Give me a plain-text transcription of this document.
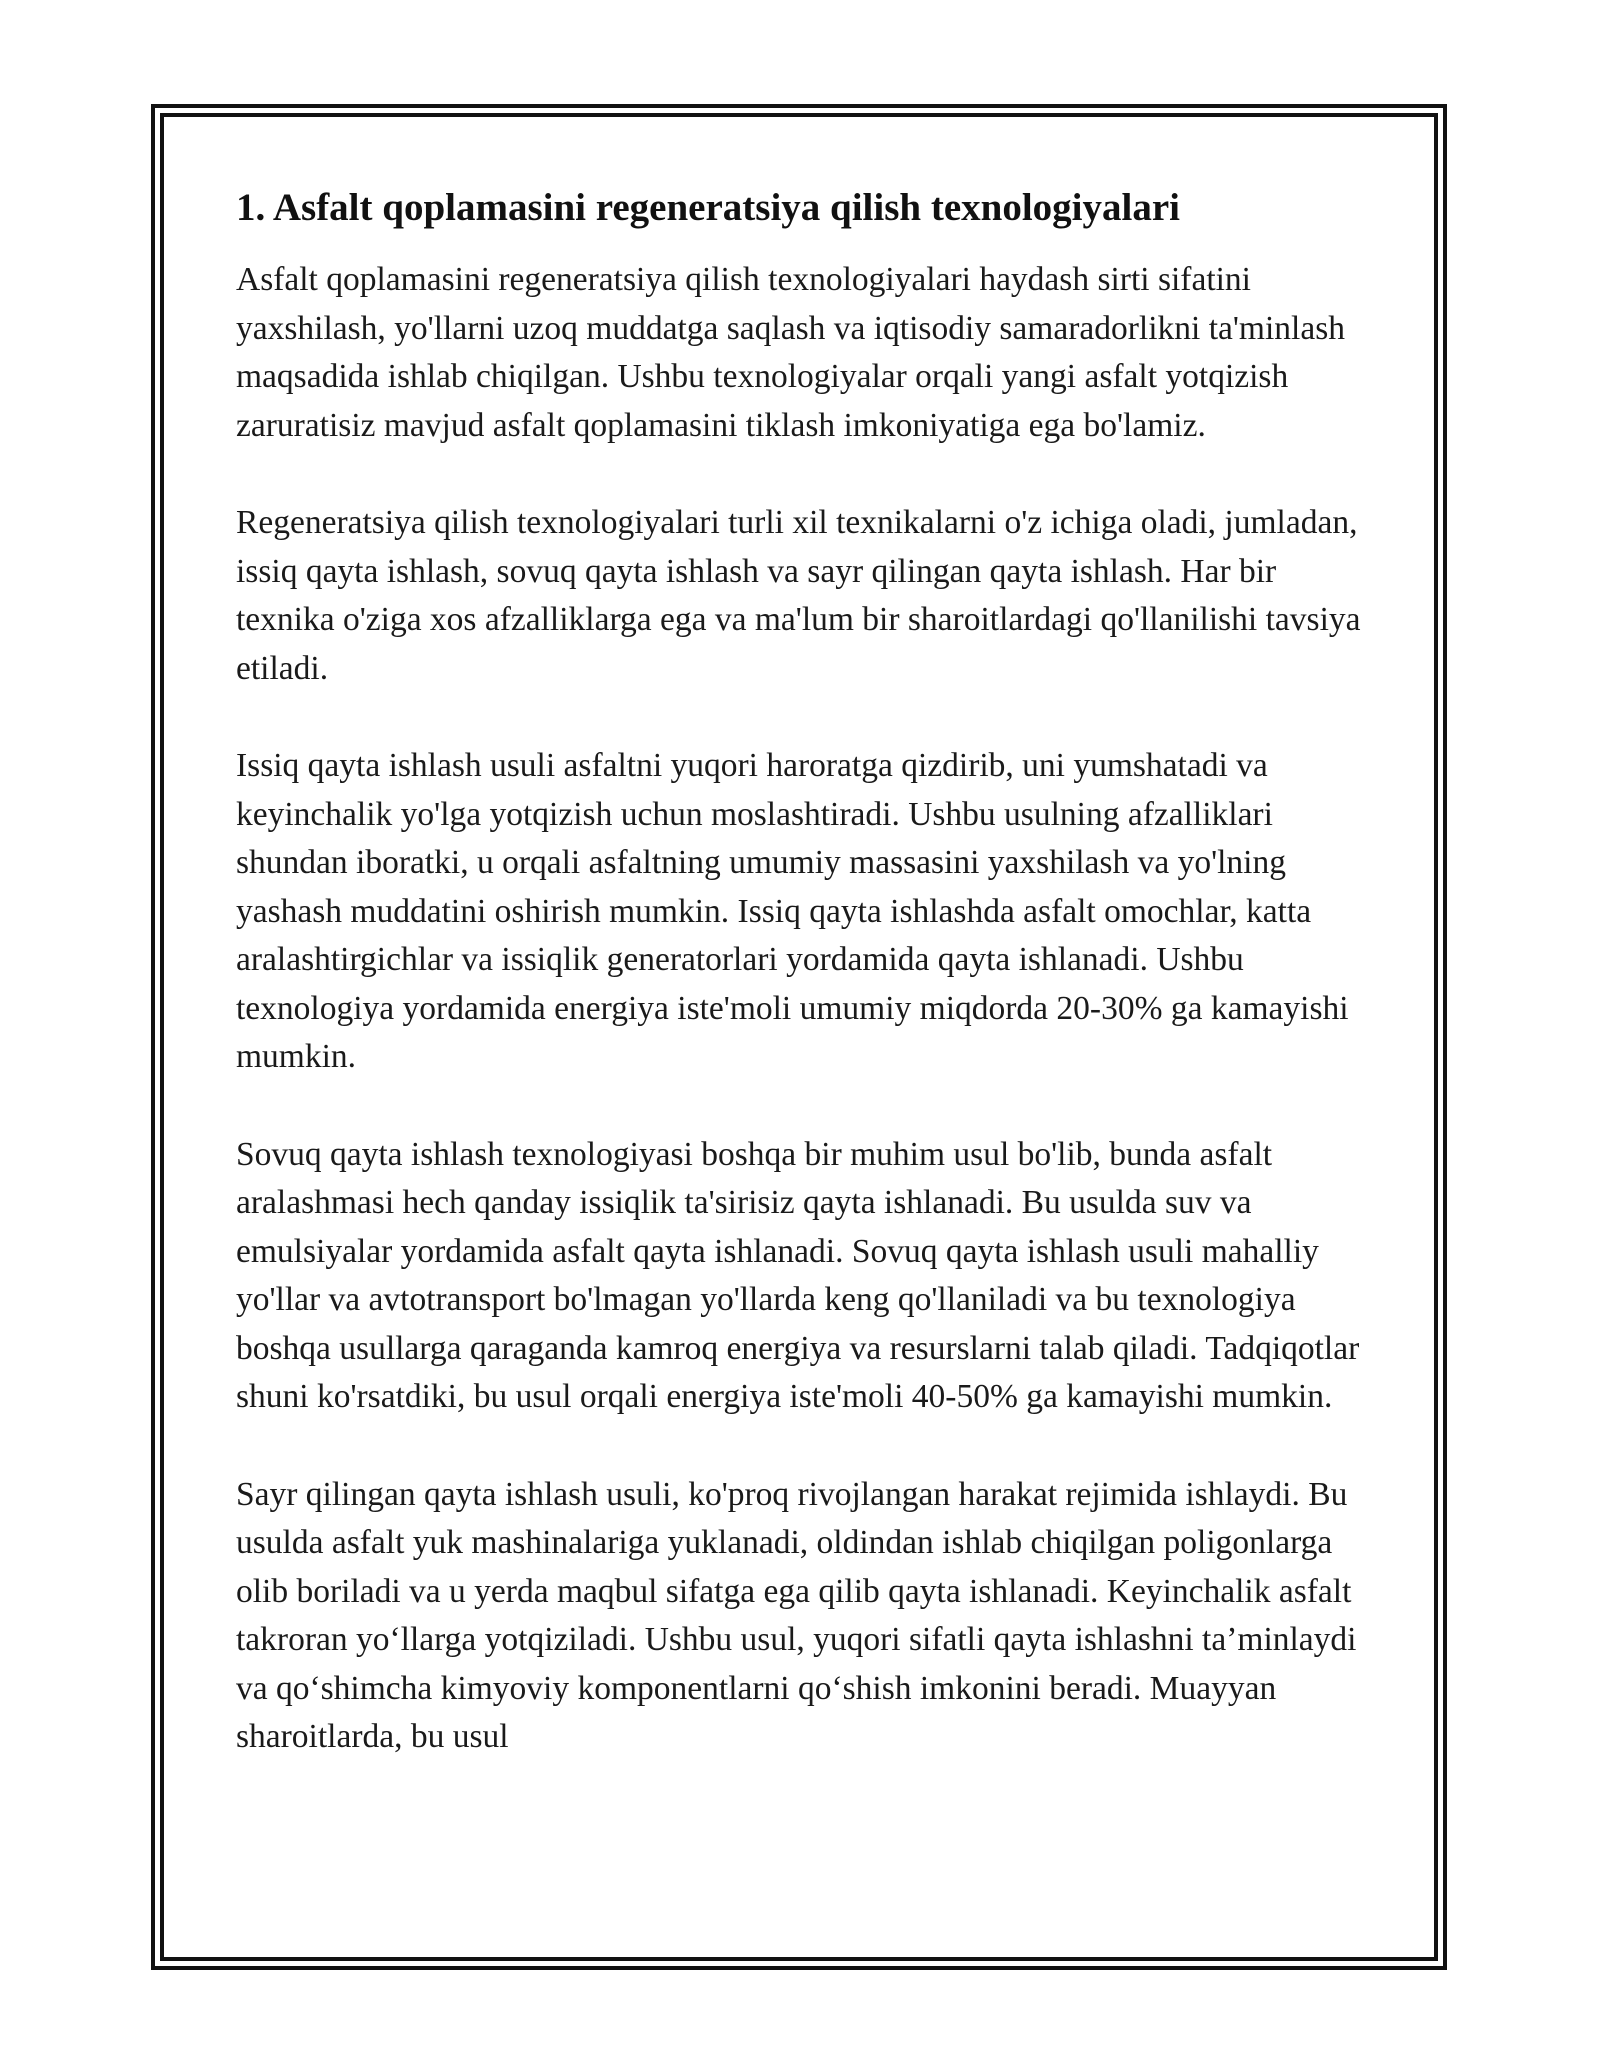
1. Asfalt qoplamasini regeneratsiya qilish texnologiyalari

Asfalt qoplamasini regeneratsiya qilish texnologiyalari haydash sirti sifatini yaxshilash, yo'llarni uzoq muddatga saqlash va iqtisodiy samaradorlikni ta'minlash maqsadida ishlab chiqilgan. Ushbu texnologiyalar orqali yangi asfalt yotqizish zaruratisiz mavjud asfalt qoplamasini tiklash imkoniyatiga ega bo'lamiz.

Regeneratsiya qilish texnologiyalari turli xil texnikalarni o'z ichiga oladi, jumladan, issiq qayta ishlash, sovuq qayta ishlash va sayr qilingan qayta ishlash. Har bir texnika o'ziga xos afzalliklarga ega va ma'lum bir sharoitlardagi qo'llanilishi tavsiya etiladi.

Issiq qayta ishlash usuli asfaltni yuqori haroratga qizdirib, uni yumshatadi va keyinchalik yo'lga yotqizish uchun moslashtiradi. Ushbu usulning afzalliklari shundan iboratki, u orqali asfaltning umumiy massasini yaxshilash va yo'lning yashash muddatini oshirish mumkin. Issiq qayta ishlashda asfalt omochlar, katta aralashtirgichlar va issiqlik generatorlari yordamida qayta ishlanadi. Ushbu texnologiya yordamida energiya iste'moli umumiy miqdorda 20-30% ga kamayishi mumkin.

Sovuq qayta ishlash texnologiyasi boshqa bir muhim usul bo'lib, bunda asfalt aralashmasi hech qanday issiqlik ta'sirisiz qayta ishlanadi. Bu usulda suv va emulsiyalar yordamida asfalt qayta ishlanadi. Sovuq qayta ishlash usuli mahalliy yo'llar va avtotransport bo'lmagan yo'llarda keng qo'llaniladi va bu texnologiya boshqa usullarga qaraganda kamroq energiya va resurslarni talab qiladi. Tadqiqotlar shuni ko'rsatdiki, bu usul orqali energiya iste'moli 40-50% ga kamayishi mumkin.

Sayr qilingan qayta ishlash usuli, ko'proq rivojlangan harakat rejimida ishlaydi. Bu usulda asfalt yuk mashinalariga yuklanadi, oldindan ishlab chiqilgan poligonlarga olib boriladi va u yerda maqbul sifatga ega qilib qayta ishlanadi. Keyinchalik asfalt takroran yo‘llarga yotqiziladi. Ushbu usul, yuqori sifatli qayta ishlashni ta’minlaydi va qo‘shimcha kimyoviy komponentlarni qo‘shish imkonini beradi. Muayyan sharoitlarda, bu usul
